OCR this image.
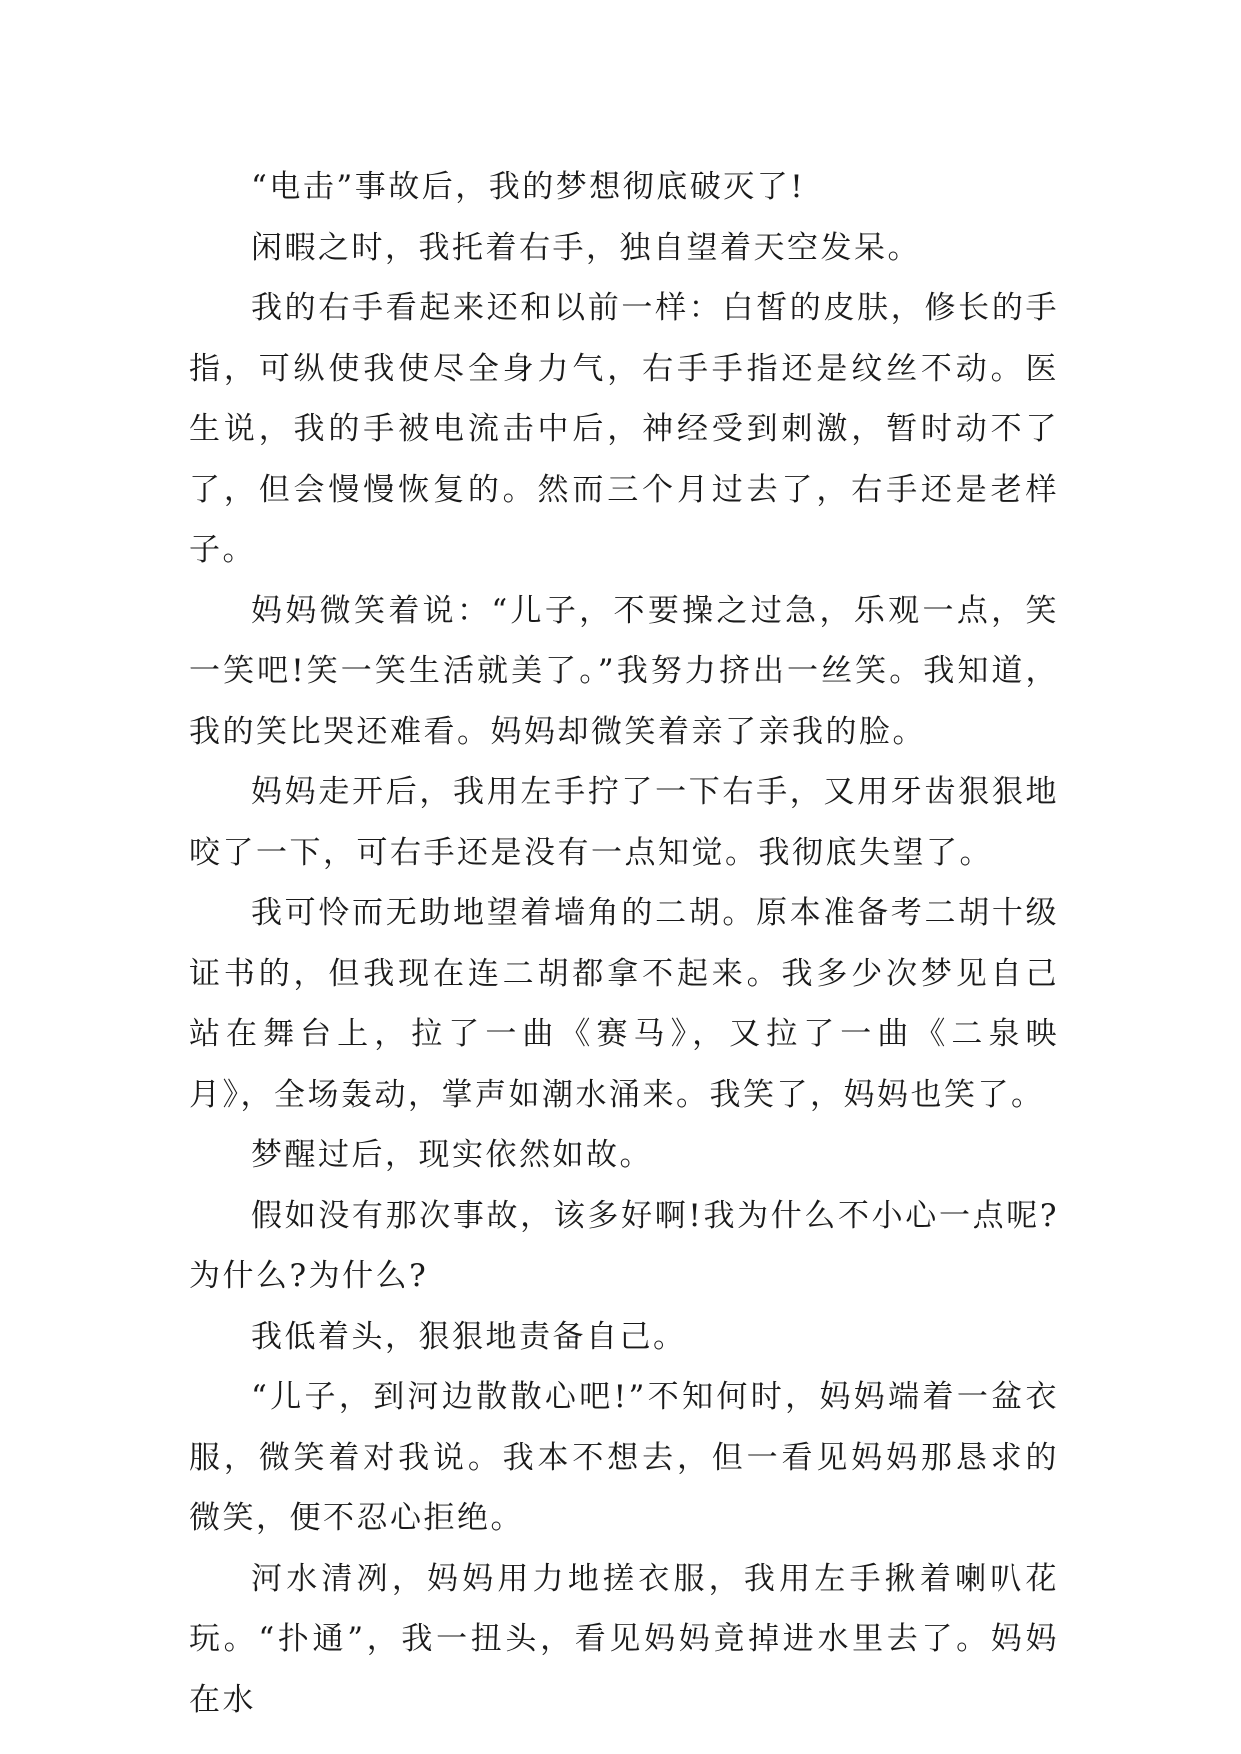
“电击”事故后，我的梦想彻底破灭了!

闲暇之时，我托着右手，独自望着天空发呆。

我的右手看起来还和以前一样：白皙的皮肤，修长的手指，可纵使我使尽全身力气，右手手指还是纹丝不动。医生说，我的手被电流击中后，神经受到刺激，暂时动不了了，但会慢慢恢复的。然而三个月过去了，右手还是老样子。

妈妈微笑着说：“儿子，不要操之过急，乐观一点，笑一笑吧!笑一笑生活就美了。”我努力挤出一丝笑。我知道，我的笑比哭还难看。妈妈却微笑着亲了亲我的脸。

妈妈走开后，我用左手拧了一下右手，又用牙齿狠狠地咬了一下，可右手还是没有一点知觉。我彻底失望了。

我可怜而无助地望着墙角的二胡。原本准备考二胡十级证书的，但我现在连二胡都拿不起来。我多少次梦见自己站在舞台上，拉了一曲《赛马》，又拉了一曲《二泉映月》，全场轰动，掌声如潮水涌来。我笑了，妈妈也笑了。

梦醒过后，现实依然如故。

假如没有那次事故，该多好啊!我为什么不小心一点呢?为什么?为什么?

我低着头，狠狠地责备自己。

“儿子，到河边散散心吧!”不知何时，妈妈端着一盆衣服，微笑着对我说。我本不想去，但一看见妈妈那恳求的微笑，便不忍心拒绝。

河水清冽，妈妈用力地搓衣服，我用左手揪着喇叭花玩。“扑通”，我一扭头，看见妈妈竟掉进水里去了。妈妈在水
